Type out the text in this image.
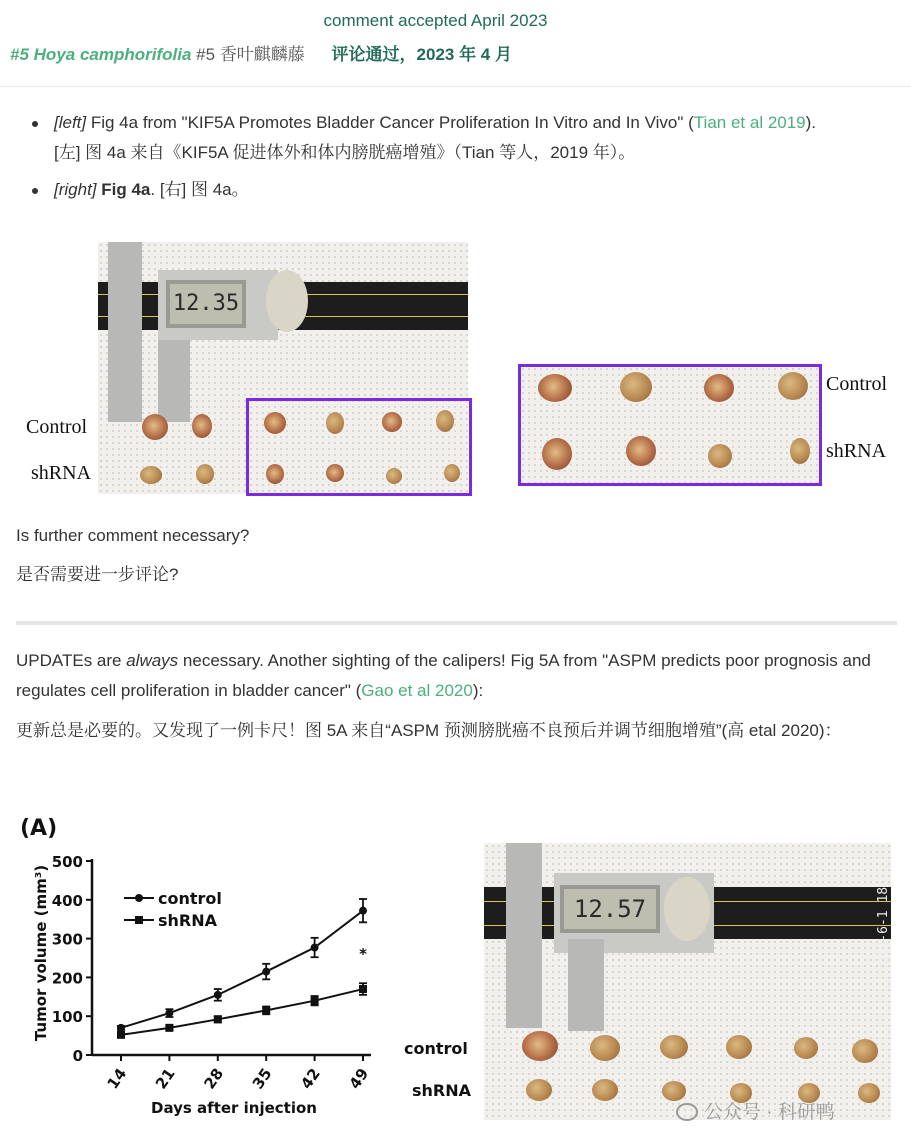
comment accepted April 2023
#5 Hoya camphorifolia #5 香叶麒麟藤 评论通过，2023 年 4 月
[left] Fig 4a from "KIF5A Promotes Bladder Cancer Proliferation In Vitro and In Vivo" (Tian et al 2019).
[左] 图 4a 来自《KIF5A 促进体外和体内膀胱癌增殖》（Tian 等人，2019 年）。
[right] Fig 4a. [右] 图 4a。
Control
shRNA
12.35
Control
shRNA
Is further comment necessary?
是否需要进一步评论?
UPDATEs are always necessary. Another sighting of the calipers! Fig 5A from "ASPM predicts poor prognosis and regulates cell proliferation in bladder cancer" (Gao et al 2020):
更新总是必要的。又发现了一例卡尺！图 5A 来自“ASPM 预测膀胱癌不良预后并调节细胞增殖”(高 etal 2020)：
(A)
Days after injection
Tumor volume (mm³)
0
100
200
300
400
500
14 21 28 35 42 49
control
shRNA
*
control
shRNA
12.57	2018-6-1 18:42
公众号 · 科研鸭
